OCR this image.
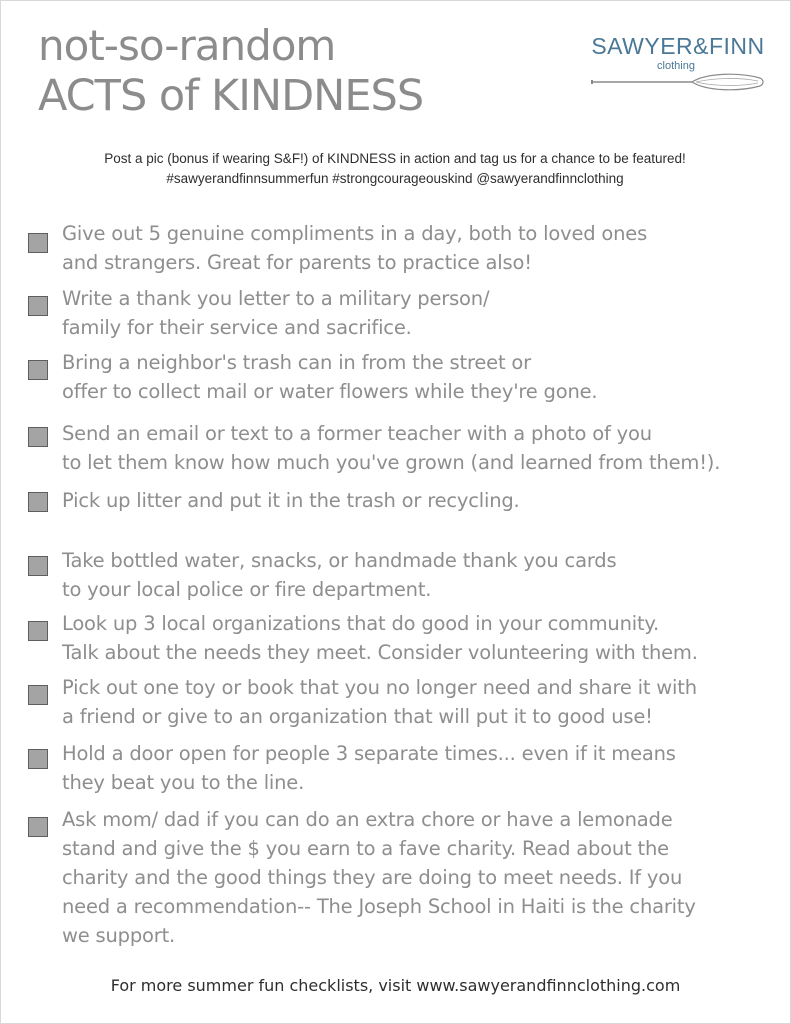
not-so-random
ACTS of KINDNESS
SAWYER&FINN
clothing

Post a pic (bonus if wearing S&F!) of KINDNESS in action and tag us for a chance to be featured!
#sawyerandfinnsummerfun #strongcourageouskind @sawyerandfinnclothing

Give out 5 genuine compliments in a day, both to loved ones
and strangers. Great for parents to practice also!

Write a thank you letter to a military person/
family for their service and sacrifice.

Bring a neighbor's trash can in from the street or
offer to collect mail or water flowers while they're gone.

Send an email or text to a former teacher with a photo of you
to let them know how much you've grown (and learned from them!).

Pick up litter and put it in the trash or recycling.

Take bottled water, snacks, or handmade thank you cards
to your local police or fire department.

Look up 3 local organizations that do good in your community.
Talk about the needs they meet. Consider volunteering with them.

Pick out one toy or book that you no longer need and share it with
a friend or give to an organization that will put it to good use!

Hold a door open for people 3 separate times... even if it means
they beat you to the line.

Ask mom/ dad if you can do an extra chore or have a lemonade
stand and give the $ you earn to a fave charity. Read about the
charity and the good things they are doing to meet needs. If you
need a recommendation-- The Joseph School in Haiti is the charity
we support.

For more summer fun checklists, visit www.sawyerandfinnclothing.com
